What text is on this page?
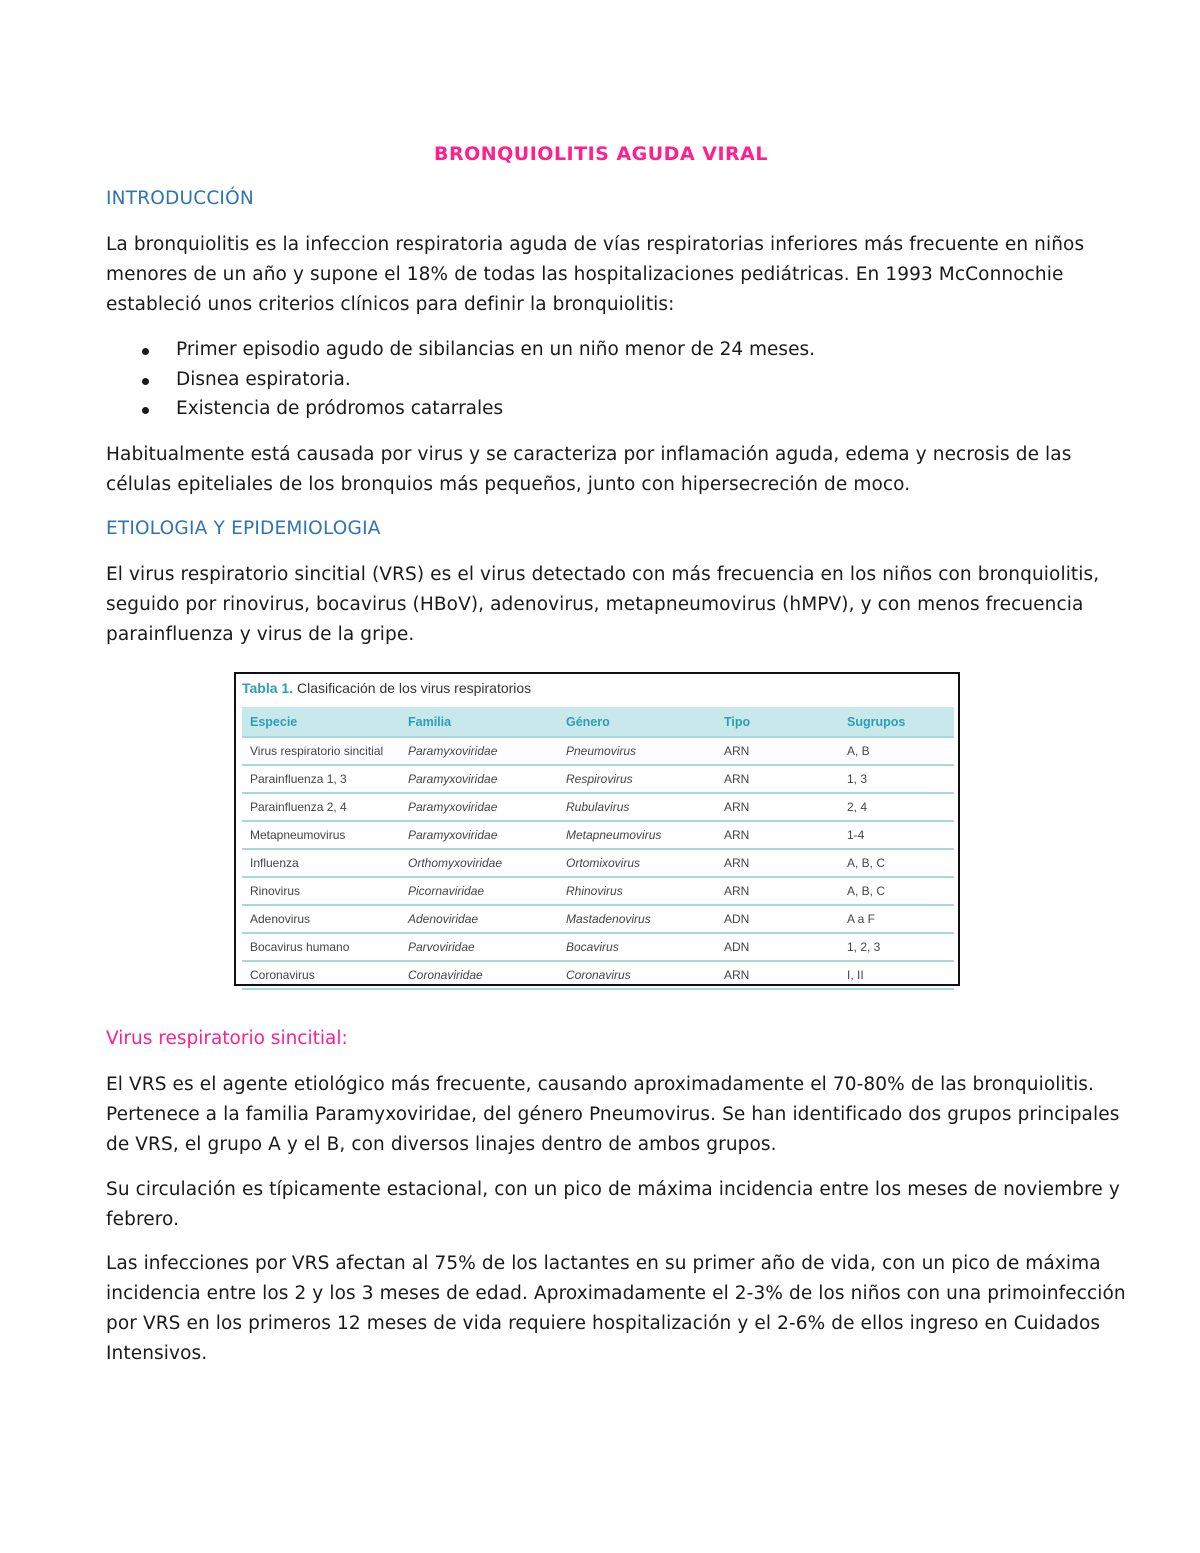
BRONQUIOLITIS AGUDA VIRAL
INTRODUCCIÓN
La bronquiolitis es la infeccion respiratoria aguda de vías respiratorias inferiores más frecuente en niños
menores de un año y supone el 18% de todas las hospitalizaciones pediátricas. En 1993 McConnochie
estableció unos criterios clínicos para definir la bronquiolitis:
Primer episodio agudo de sibilancias en un niño menor de 24 meses.
Disnea espiratoria.
Existencia de pródromos catarrales
Habitualmente está causada por virus y se caracteriza por inflamación aguda, edema y necrosis de las
células epiteliales de los bronquios más pequeños, junto con hipersecreción de moco.
ETIOLOGIA Y EPIDEMIOLOGIA
El virus respiratorio sincitial (VRS) es el virus detectado con más frecuencia en los niños con bronquiolitis,
seguido por rinovirus, bocavirus (HBoV), adenovirus, metapneumovirus (hMPV), y con menos frecuencia
parainfluenza y virus de la gripe.
Virus respiratorio sincitial:
El VRS es el agente etiológico más frecuente, causando aproximadamente el 70-80% de las bronquiolitis.
Pertenece a la familia Paramyxoviridae, del género Pneumovirus. Se han identificado dos grupos principales
de VRS, el grupo A y el B, con diversos linajes dentro de ambos grupos.
Su circulación es típicamente estacional, con un pico de máxima incidencia entre los meses de noviembre y
febrero.
Las infecciones por VRS afectan al 75% de los lactantes en su primer año de vida, con un pico de máxima
incidencia entre los 2 y los 3 meses de edad. Aproximadamente el 2-3% de los niños con una primoinfección
por VRS en los primeros 12 meses de vida requiere hospitalización y el 2-6% de ellos ingreso en Cuidados
Intensivos.
Tabla 1. Clasificación de los virus respiratorios
Especie	Familia	Género	Tipo	Sugrupos
Virus respiratorio sincitial	Paramyxoviridae	Pneumovirus	ARN	A, B
Parainfluenza 1, 3	Paramyxoviridae	Respirovirus	ARN	1, 3
Parainfluenza 2, 4	Paramyxoviridae	Rubulavirus	ARN	2, 4
Metapneumovirus	Paramyxoviridae	Metapneumovirus	ARN	1-4
Influenza	Orthomyxoviridae	Ortomixovirus	ARN	A, B, C
Rinovirus	Picornaviridae	Rhinovirus	ARN	A, B, C
Adenovirus	Adenoviridae	Mastadenovirus	ADN	A a F
Bocavirus humano	Parvoviridae	Bocavirus	ADN	1, 2, 3
Coronavirus	Coronaviridae	Coronavirus	ARN	I, II
